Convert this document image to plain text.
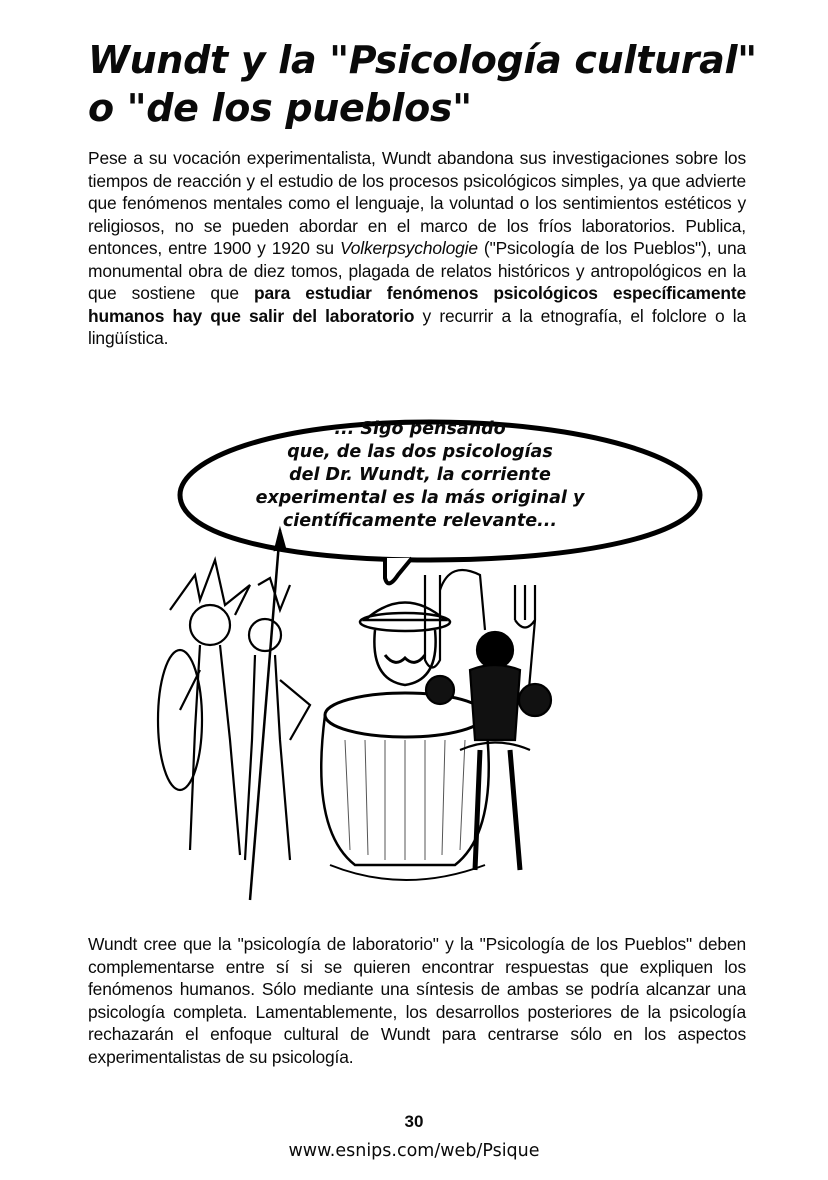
Wundt y la "Psicología cultural"
o "de los pueblos"

Pese a su vocación experimentalista, Wundt abandona sus investigaciones sobre los tiempos de reacción y el estudio de los procesos psicológicos simples, ya que advierte que fenómenos mentales como el lenguaje, la voluntad o los sentimientos estéticos y religiosos, no se pueden abordar en el marco de los fríos laboratorios. Publica, entonces, entre 1900 y 1920 su Volkerpsychologie ("Psicología de los Pueblos"), una monumental obra de diez tomos, plagada de relatos históricos y antropológicos en la que sostiene que para estudiar fenómenos psicológicos específicamente humanos hay que salir del laboratorio y recurrir a la etnografía, el folclore o la lingüística.

... Sigo pensando
que, de las dos psicologías
del Dr. Wundt, la corriente
experimental es la más original y
científicamente relevante...

Wundt cree que la "psicología de laboratorio" y la "Psicología de los Pueblos" deben complementarse entre sí si se quieren encontrar respuestas que expliquen los fenómenos humanos. Sólo mediante una síntesis de ambas se podría alcanzar una psicología completa. Lamentablemente, los desarrollos posteriores de la psicología rechazarán el enfoque cultural de Wundt para centrarse sólo en los aspectos experimentalistas de su psicología.

30
www.esnips.com/web/Psique
